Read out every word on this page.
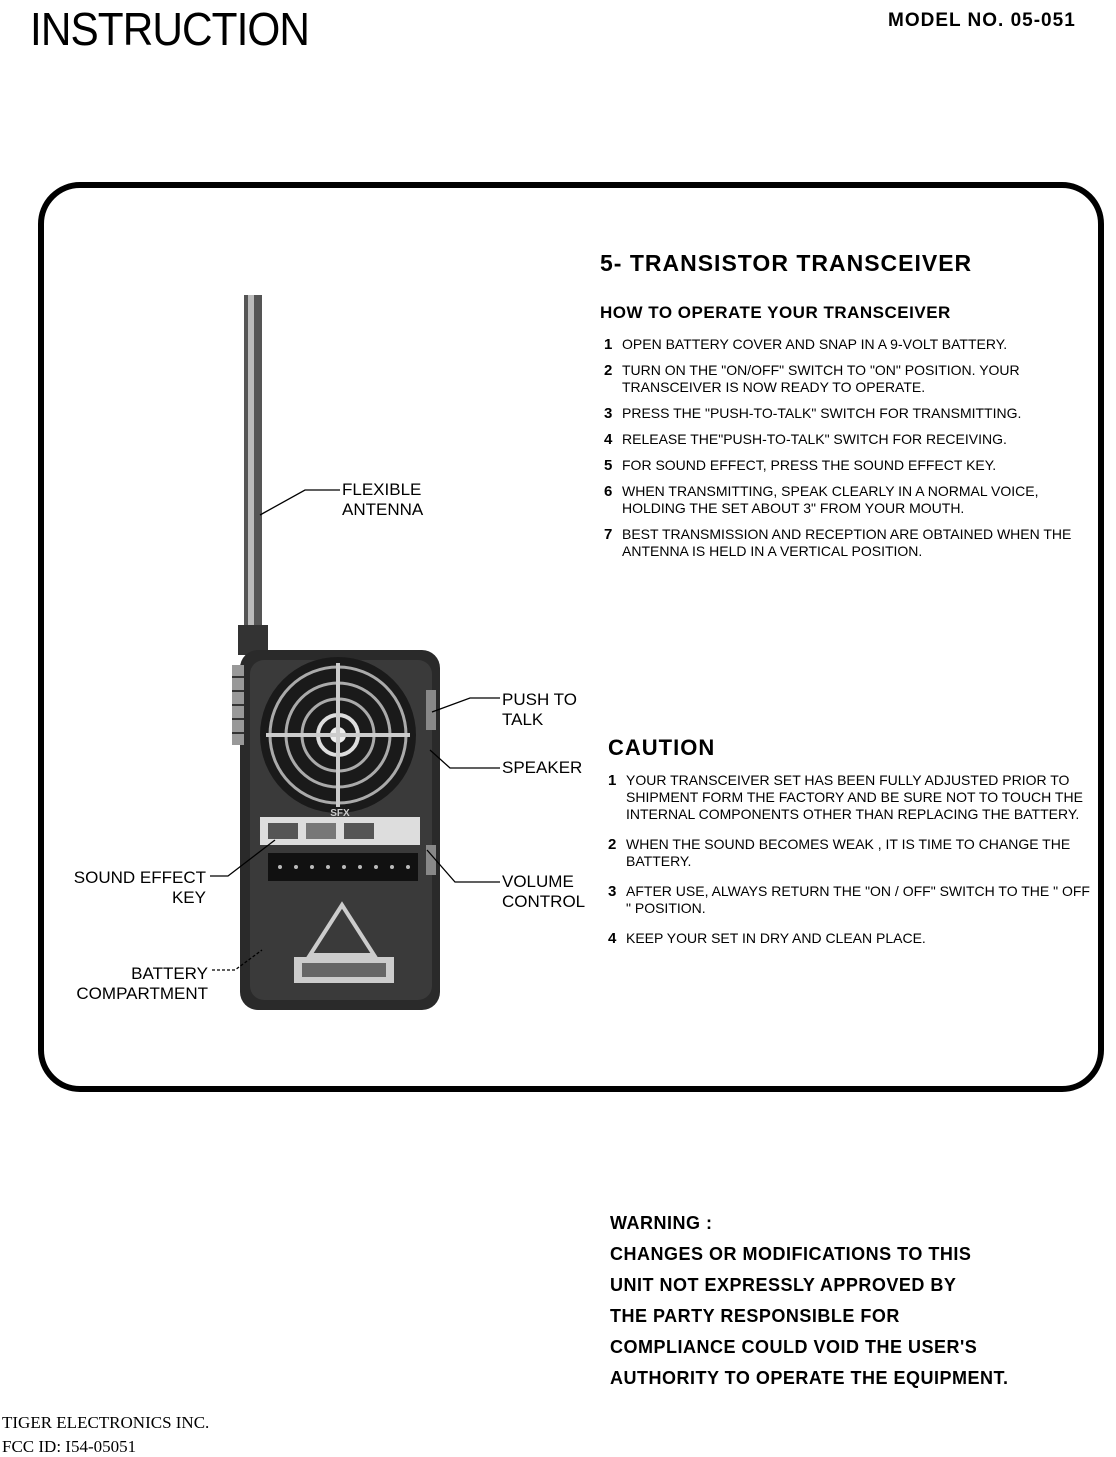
INSTRUCTION	MODEL NO. 05-051
SFX
FLEXIBLE
ANTENNA
PUSH TO
TALK
SPEAKER
SOUND EFFECT
KEY
VOLUME
CONTROL
BATTERY
COMPARTMENT
5- TRANSISTOR TRANSCEIVER
HOW TO OPERATE YOUR TRANSCEIVER
1 OPEN BATTERY COVER AND SNAP IN A 9-VOLT BATTERY.
2 TURN ON THE "ON/OFF" SWITCH TO "ON" POSITION. YOUR TRANSCEIVER IS NOW READY TO OPERATE.
3 PRESS THE "PUSH-TO-TALK" SWITCH FOR TRANSMITTING.
4 RELEASE THE"PUSH-TO-TALK" SWITCH FOR RECEIVING.
5 FOR SOUND EFFECT, PRESS THE SOUND EFFECT KEY.
6 WHEN TRANSMITTING, SPEAK CLEARLY IN A NORMAL VOICE, HOLDING THE SET ABOUT 3" FROM YOUR MOUTH.
7 BEST TRANSMISSION AND RECEPTION ARE OBTAINED WHEN THE ANTENNA IS HELD IN A VERTICAL POSITION.
CAUTION
1 YOUR TRANSCEIVER SET HAS BEEN FULLY ADJUSTED PRIOR TO SHIPMENT FORM THE FACTORY AND BE SURE NOT TO TOUCH THE INTERNAL COMPONENTS OTHER THAN REPLACING THE BATTERY.
2 WHEN THE SOUND BECOMES WEAK , IT IS TIME TO CHANGE THE BATTERY.
3 AFTER USE, ALWAYS RETURN THE "ON / OFF" SWITCH TO THE " OFF " POSITION.
4 KEEP YOUR SET IN DRY AND CLEAN PLACE.
WARNING :
CHANGES OR MODIFICATIONS TO THIS
UNIT NOT EXPRESSLY APPROVED BY
THE PARTY RESPONSIBLE FOR
COMPLIANCE COULD VOID THE USER'S
AUTHORITY TO OPERATE THE EQUIPMENT.
TIGER ELECTRONICS INC.
FCC ID: I54-05051
